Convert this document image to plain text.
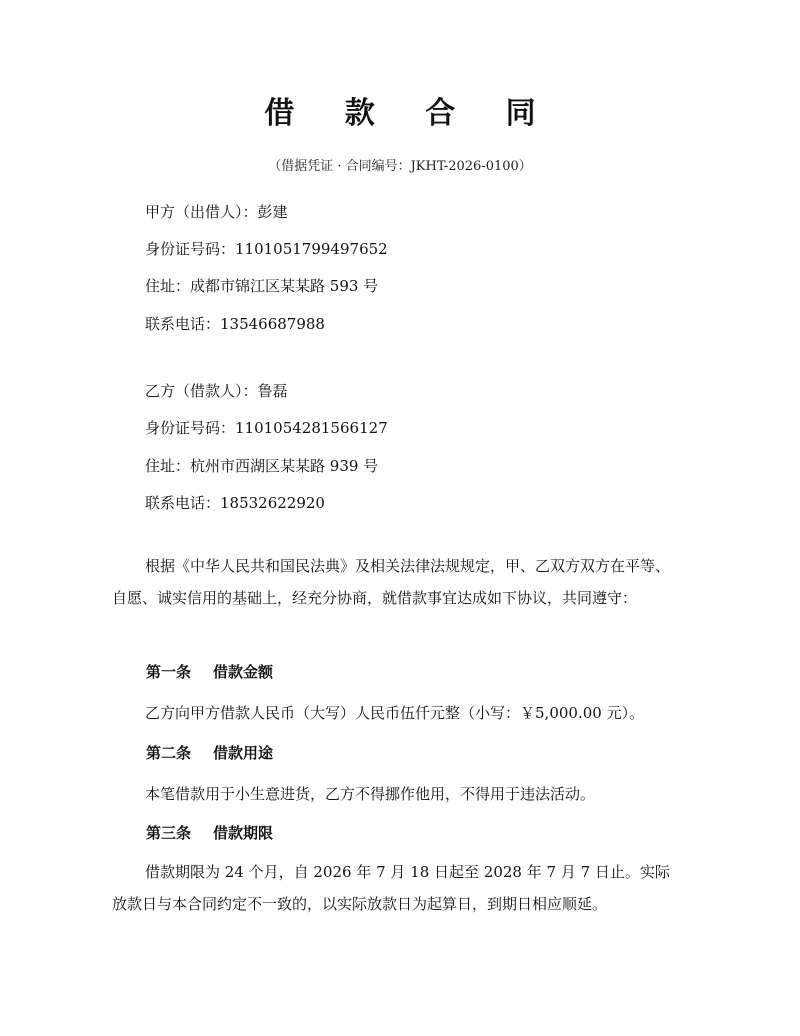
借 款 合 同
（借据凭证 · 合同编号：JKHT-2026-0100）
甲方（出借人）：彭建
身份证号码：1101051799497652
住址：成都市锦江区某某路 593 号
联系电话：13546687988
乙方（借款人）：鲁磊
身份证号码：1101054281566127
住址：杭州市西湖区某某路 939 号
联系电话：18532622920
根据《中华人民共和国民法典》及相关法律法规规定，甲、乙双方双方在平等、自愿、诚实信用的基础上，经充分协商，就借款事宜达成如下协议，共同遵守：
第一条 借款金额
乙方向甲方借款人民币（大写）人民币伍仟元整（小写：￥5,000.00 元）。
第二条 借款用途
本笔借款用于小生意进货，乙方不得挪作他用，不得用于违法活动。
第三条 借款期限
借款期限为 24 个月，自 2026 年 7 月 18 日起至 2028 年 7 月 7 日止。实际放款日与本合同约定不一致的，以实际放款日为起算日，到期日相应顺延。
